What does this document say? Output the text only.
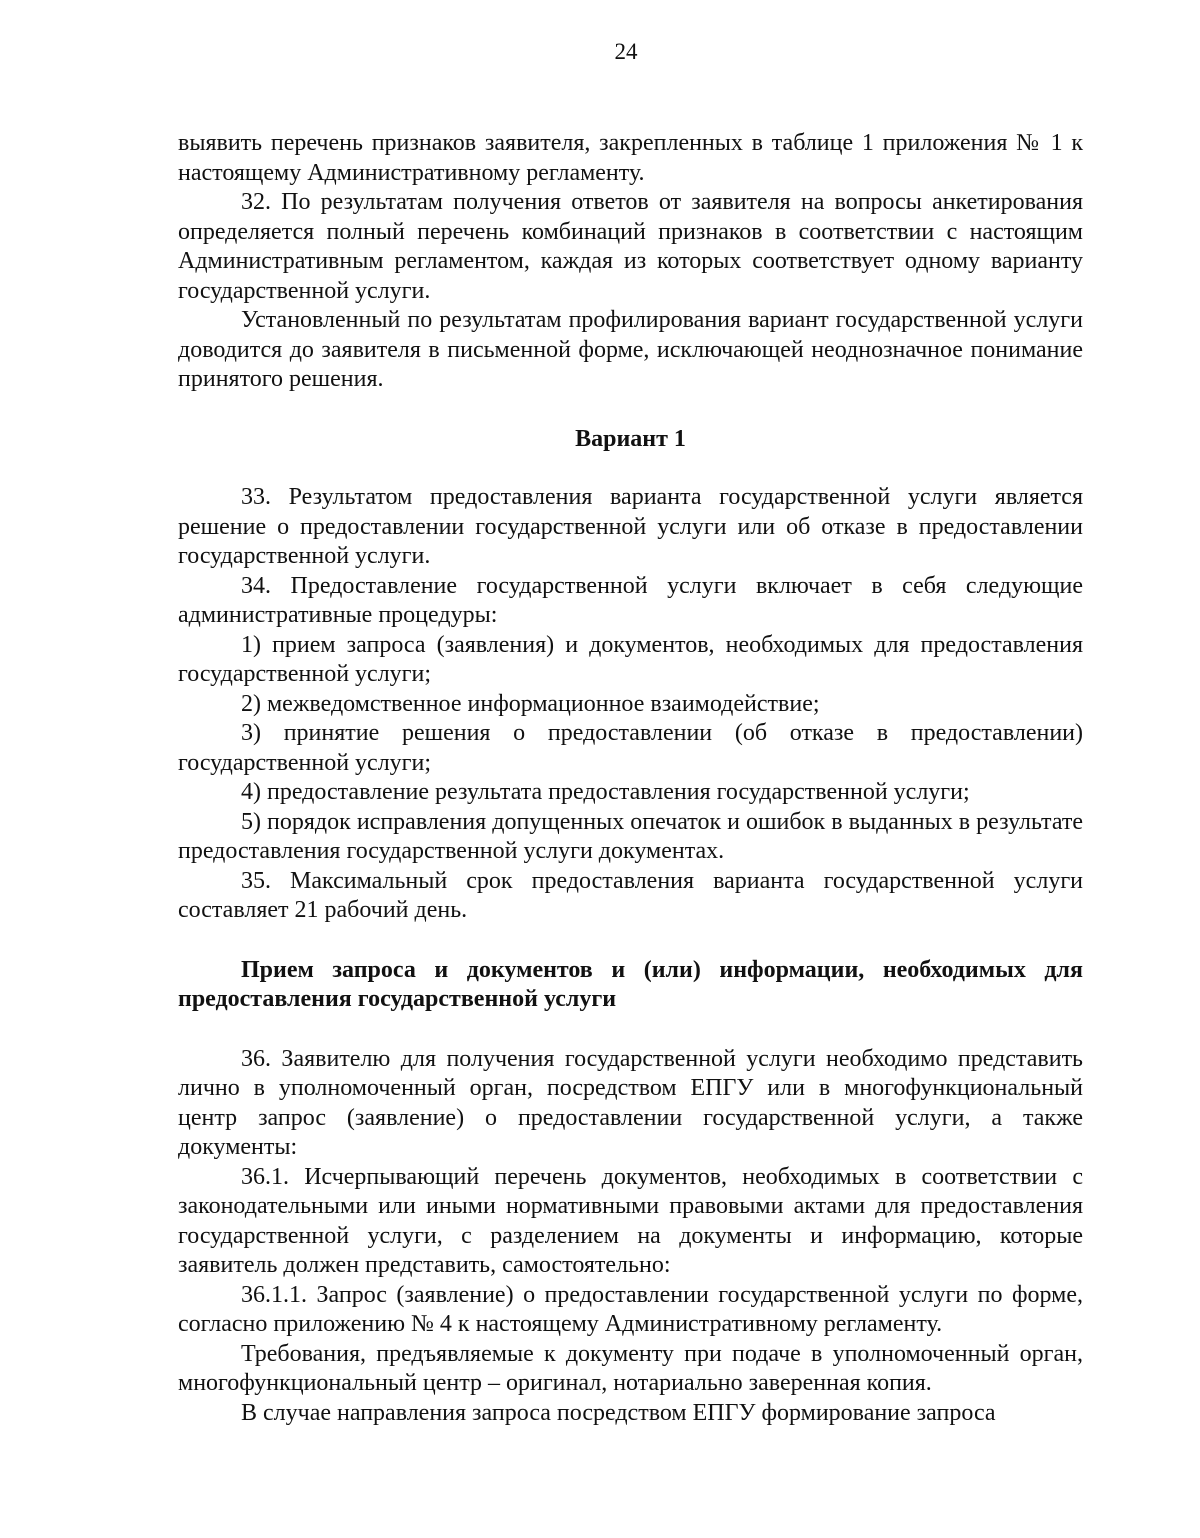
24

выявить перечень признаков заявителя, закрепленных в таблице 1 приложения № 1 к настоящему Административному регламенту.

32. По результатам получения ответов от заявителя на вопросы анкетирования определяется полный перечень комбинаций признаков в соответствии с настоящим Административным регламентом, каждая из которых соответствует одному варианту государственной услуги.

Установленный по результатам профилирования вариант государственной услуги доводится до заявителя в письменной форме, исключающей неоднозначное понимание принятого решения.

Вариант 1

33. Результатом предоставления варианта государственной услуги является решение о предоставлении государственной услуги или об отказе в предоставлении государственной услуги.

34. Предоставление государственной услуги включает в себя следующие административные процедуры:

1) прием запроса (заявления) и документов, необходимых для предоставления государственной услуги;

2) межведомственное информационное взаимодействие;

3) принятие решения о предоставлении (об отказе в предоставлении) государственной услуги;

4) предоставление результата предоставления государственной услуги;

5) порядок исправления допущенных опечаток и ошибок в выданных в результате предоставления государственной услуги документах.

35. Максимальный срок предоставления варианта государственной услуги составляет 21 рабочий день.

Прием запроса и документов и (или) информации, необходимых для предоставления государственной услуги

36. Заявителю для получения государственной услуги необходимо представить лично в уполномоченный орган, посредством ЕПГУ или в многофункциональный центр запрос (заявление) о предоставлении государственной услуги, а также документы:

36.1. Исчерпывающий перечень документов, необходимых в соответствии с законодательными или иными нормативными правовыми актами для предоставления государственной услуги, с разделением на документы и информацию, которые заявитель должен представить, самостоятельно:

36.1.1. Запрос (заявление) о предоставлении государственной услуги по форме, согласно приложению № 4 к настоящему Административному регламенту.

Требования, предъявляемые к документу при подаче в уполномоченный орган, многофункциональный центр – оригинал, нотариально заверенная копия.

В случае направления запроса посредством ЕПГУ формирование запроса
